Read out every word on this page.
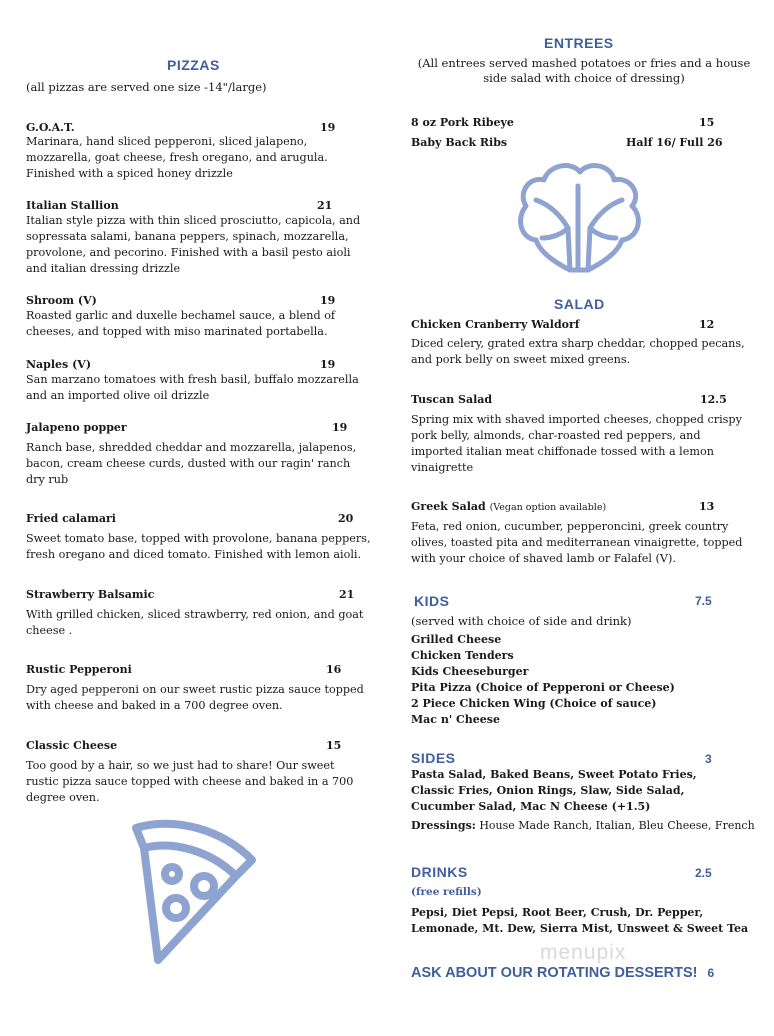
PIZZAS
(all pizzas are served one size -14"/large)
G.O.A.T.	19
Marinara, hand sliced pepperoni, sliced jalapeno, mozzarella, goat cheese, fresh oregano, and arugula. Finished with a spiced honey drizzle
Italian Stallion	21
Italian style pizza with thin sliced prosciutto, capicola, and sopressata salami, banana peppers, spinach, mozzarella, provolone, and pecorino. Finished with a basil pesto aioli and italian dressing drizzle
Shroom (V)	19
Roasted garlic and duxelle bechamel sauce, a blend of cheeses, and topped with miso marinated portabella.
Naples (V)	19
San marzano tomatoes with fresh basil, buffalo mozzarella and an imported olive oil drizzle
Jalapeno popper	19
Ranch base, shredded cheddar and mozzarella, jalapenos, bacon, cream cheese curds, dusted with our ragin' ranch dry rub
Fried calamari	20
Sweet tomato base, topped with provolone, banana peppers, fresh oregano and diced tomato. Finished with lemon aioli.
Strawberry Balsamic	21
With grilled chicken, sliced strawberry, red onion, and goat cheese .
Rustic Pepperoni	16
Dry aged pepperoni on our sweet rustic pizza sauce topped with cheese and baked in a 700 degree oven.
Classic Cheese	15
Too good by a hair, so we just had to share! Our sweet rustic pizza sauce topped with cheese and baked in a 700 degree oven.
ENTREES
(All entrees served mashed potatoes or fries and a house side salad with choice of dressing)
8 oz Pork Ribeye	15
Baby Back Ribs	Half 16/ Full 26
SALAD
Chicken Cranberry Waldorf	12
Diced celery, grated extra sharp cheddar, chopped pecans, and pork belly on sweet mixed greens.
Tuscan Salad	12.5
Spring mix with shaved imported cheeses, chopped crispy pork belly, almonds, char-roasted red peppers, and imported italian meat chiffonade tossed with a lemon vinaigrette
Greek Salad (Vegan option available)	13
Feta, red onion, cucumber, pepperoncini, greek country olives, toasted pita and mediterranean vinaigrette, topped with your choice of shaved lamb or Falafel (V).
KIDS	7.5
(served with choice of side and drink)
Grilled Cheese
Chicken Tenders
Kids Cheeseburger
Pita Pizza (Choice of Pepperoni or Cheese)
2 Piece Chicken Wing (Choice of sauce)
Mac n' Cheese
SIDES	3
Pasta Salad, Baked Beans, Sweet Potato Fries, Classic Fries, Onion Rings, Slaw, Side Salad, Cucumber Salad, Mac N Cheese (+1.5)
Dressings: House Made Ranch, Italian, Bleu Cheese, French
DRINKS	2.5
(free refills)
Pepsi, Diet Pepsi, Root Beer, Crush, Dr. Pepper, Lemonade, Mt. Dew, Sierra Mist, Unsweet & Sweet Tea
menupix
ASK ABOUT OUR ROTATING DESSERTS! 6
